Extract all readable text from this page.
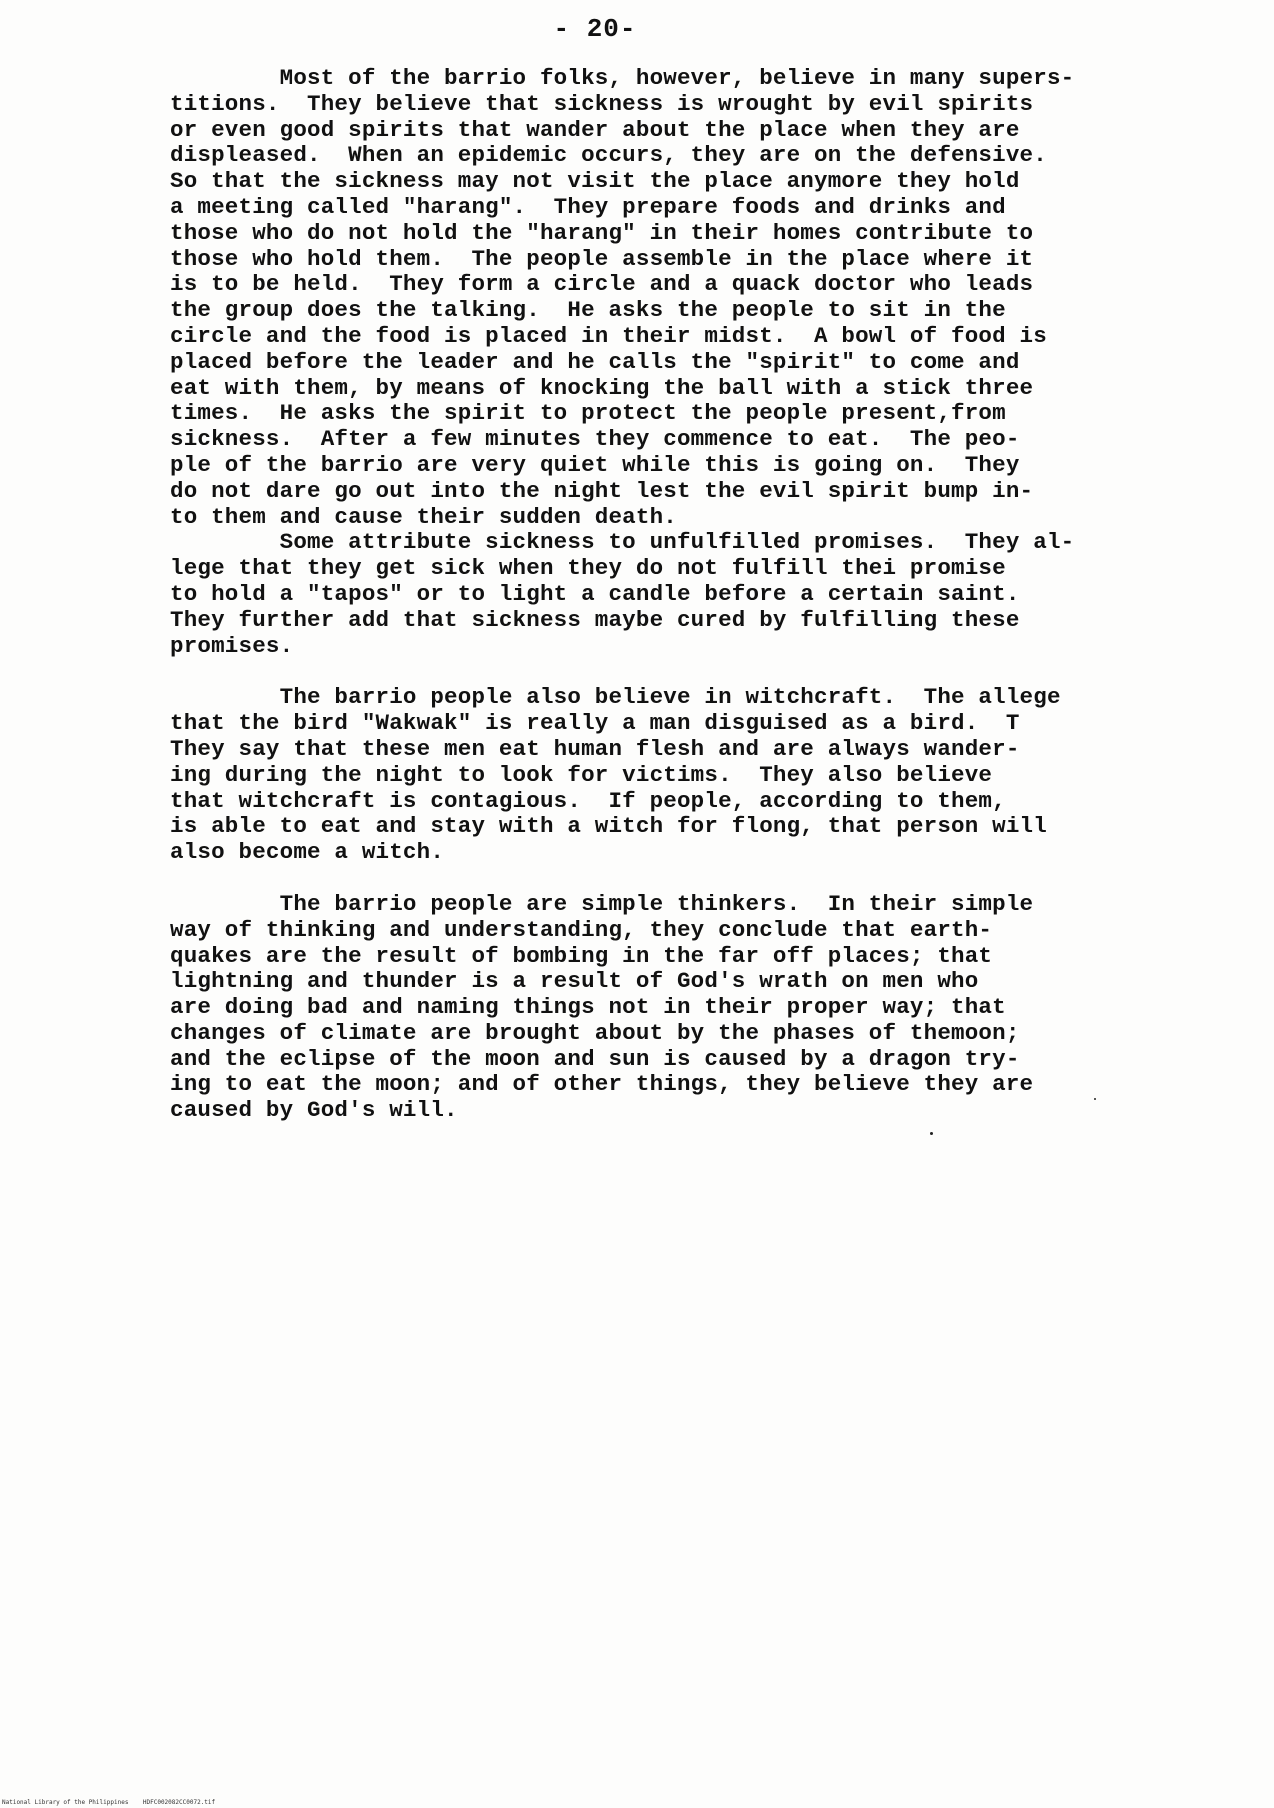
- 20-

Most of the barrio folks, however, believe in many supers-
titions.  They believe that sickness is wrought by evil spirits
or even good spirits that wander about the place when they are
displeased.  When an epidemic occurs, they are on the defensive.
So that the sickness may not visit the place anymore they hold
a meeting called "harang".  They prepare foods and drinks and
those who do not hold the "harang" in their homes contribute to
those who hold them.  The people assemble in the place where it
is to be held.  They form a circle and a quack doctor who leads
the group does the talking.  He asks the people to sit in the
circle and the food is placed in their midst.  A bowl of food is
placed before the leader and he calls the "spirit" to come and
eat with them, by means of knocking the ball with a stick three
times.  He asks the spirit to protect the people present,from
sickness.  After a few minutes they commence to eat.  The peo-
ple of the barrio are very quiet while this is going on.  They
do not dare go out into the night lest the evil spirit bump in-
to them and cause their sudden death.

Some attribute sickness to unfulfilled promises.  They al-
lege that they get sick when they do not fulfill thei promise
to hold a "tapos" or to light a candle before a certain saint.
They further add that sickness maybe cured by fulfilling these
promises.

The barrio people also believe in witchcraft.  The allege
that the bird "Wakwak" is really a man disguised as a bird.  T
They say that these men eat human flesh and are always wander-
ing during the night to look for victims.  They also believe
that witchcraft is contagious.  If people, according to them,
is able to eat and stay with a witch for flong, that person will
also become a witch.

The barrio people are simple thinkers.  In their simple
way of thinking and understanding, they conclude that earth-
quakes are the result of bombing in the far off places; that
lightning and thunder is a result of God's wrath on men who
are doing bad and naming things not in their proper way; that
changes of climate are brought about by the phases of themoon;
and the eclipse of the moon and sun is caused by a dragon try-
ing to eat the moon; and of other things, they believe they are
caused by God's will.

National Library of the Philippines    HDFC002082CC0072.tif
